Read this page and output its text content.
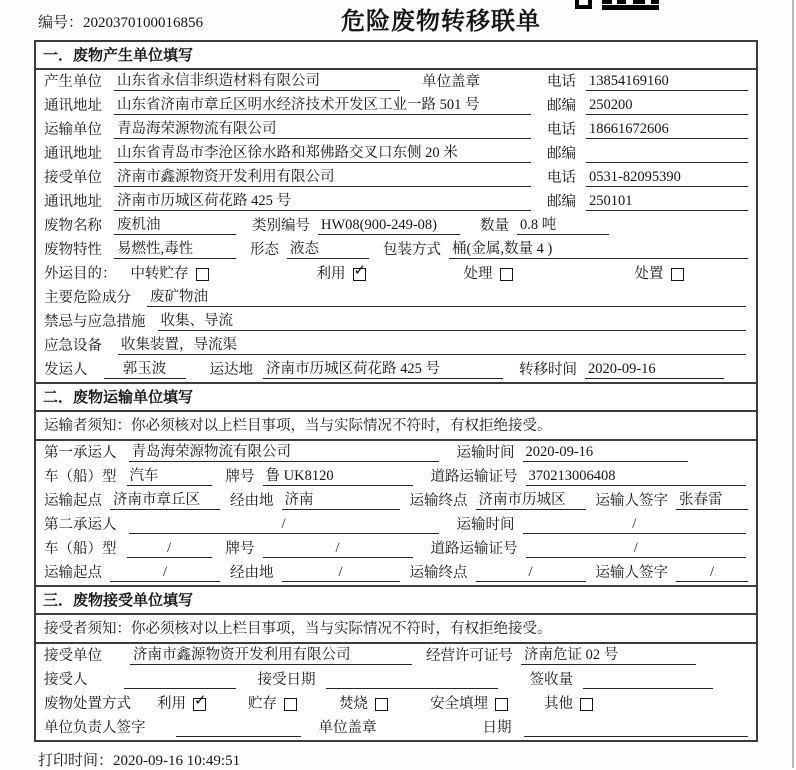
编号：2020370100016856	危险废物转移联单
一．废物产生单位填写
产生单位 山东省永信非织造材料有限公司	单位盖章	电话 13854169160
通讯地址 山东省济南市章丘区明水经济技术开发区工业一路 501 号	邮编 250200
运输单位 青岛海荣源物流有限公司	电话 18661672606
通讯地址 山东省青岛市李沧区徐水路和郑佛路交叉口东侧 20 米	邮编
接受单位 济南市鑫源物资开发利用有限公司	电话 0531-82095390
通讯地址 济南市历城区荷花路 425 号	邮编 250101
废物名称 废机油	类别编号 HW08(900-249-08)	数量 0.8 吨
废物特性 易燃性,毒性	形态 液态	包装方式 桶(金属,数量 4 )
外运目的： 中转贮存	利用 ✓	处理	处置
主要危险成分 废矿物油
禁忌与应急措施 收集、导流
应急设备 收集装置，导流渠
发运人	郭玉波	运达地 济南市历城区荷花路 425 号	转移时间 2020-09-16
二．废物运输单位填写
运输者须知：你必须核对以上栏目事项，当与实际情况不符时，有权拒绝接受。
第一承运人 青岛海荣源物流有限公司	运输时间 2020-09-16
车（船）型 汽车	牌号 鲁 UK8120	道路运输证号 370213006408
运输起点 济南市章丘区	经由地 济南	运输终点 济南市历城区	运输人签字 张春雷
第二承运人	/	运输时间	/
车（船）型	/	牌号	/	道路运输证号	/
运输起点	/	经由地	/	运输终点	/	运输人签字	/
三．废物接受单位填写
接受者须知：你必须核对以上栏目事项，当与实际情况不符时，有权拒绝接受。
接受单位 济南市鑫源物资开发利用有限公司	经营许可证号 济南危证 02 号
接受人	接受日期	签收量
废物处置方式 利用 ✓	贮存	焚烧	安全填埋	其他
单位负责人签字	单位盖章	日期
打印时间：2020-09-16 10:49:51
